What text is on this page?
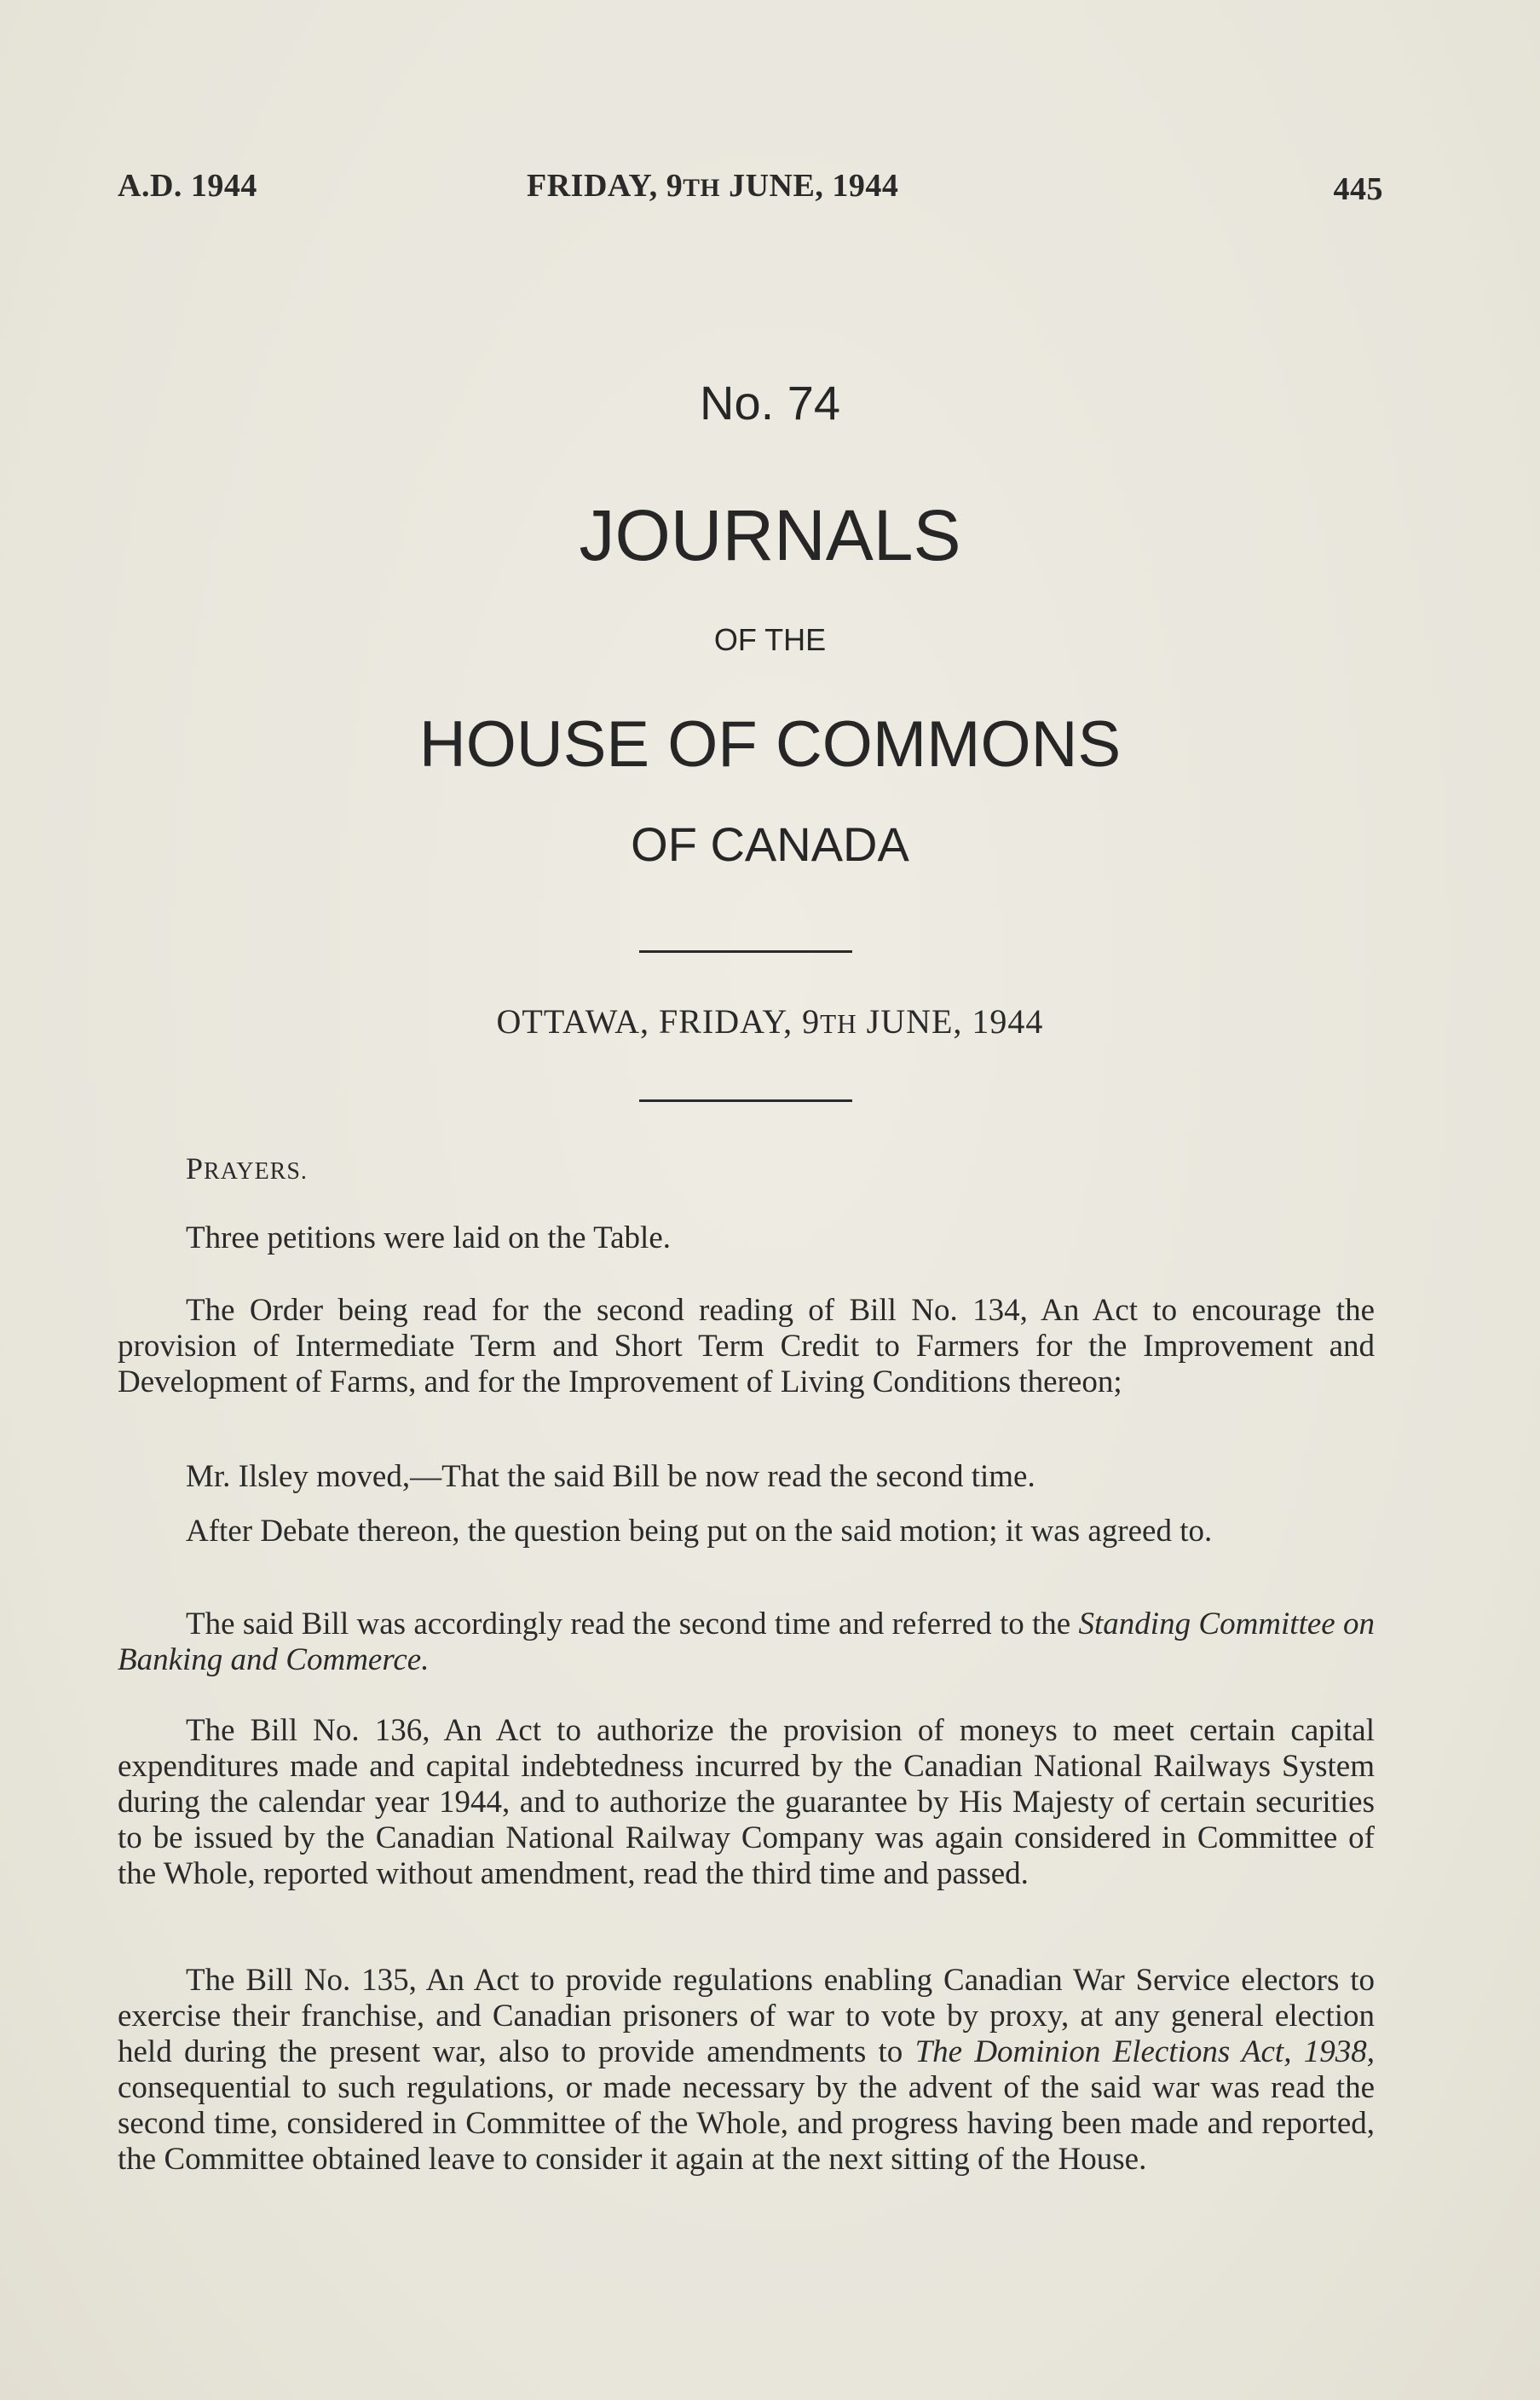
A.D. 1944	FRIDAY, 9TH JUNE, 1944	445
No. 74
JOURNALS
OF THE
HOUSE OF COMMONS
OF CANADA
OTTAWA, FRIDAY, 9TH JUNE, 1944
PRAYERS.

Three petitions were laid on the Table.

The Order being read for the second reading of Bill No. 134, An Act to encourage the provision of Intermediate Term and Short Term Credit to Farmers for the Improvement and Development of Farms, and for the Improvement of Living Conditions thereon;

Mr. Ilsley moved,—That the said Bill be now read the second time.

After Debate thereon, the question being put on the said motion; it was agreed to.

The said Bill was accordingly read the second time and referred to the Standing Committee on Banking and Commerce.

The Bill No. 136, An Act to authorize the provision of moneys to meet certain capital expenditures made and capital indebtedness incurred by the Canadian National Railways System during the calendar year 1944, and to authorize the guarantee by His Majesty of certain securities to be issued by the Canadian National Railway Company was again considered in Committee of the Whole, reported without amendment, read the third time and passed.

The Bill No. 135, An Act to provide regulations enabling Canadian War Service electors to exercise their franchise, and Canadian prisoners of war to vote by proxy, at any general election held during the present war, also to provide amendments to The Dominion Elections Act, 1938, consequential to such regulations, or made necessary by the advent of the said war was read the second time, considered in Committee of the Whole, and progress having been made and reported, the Committee obtained leave to consider it again at the next sitting of the House.
